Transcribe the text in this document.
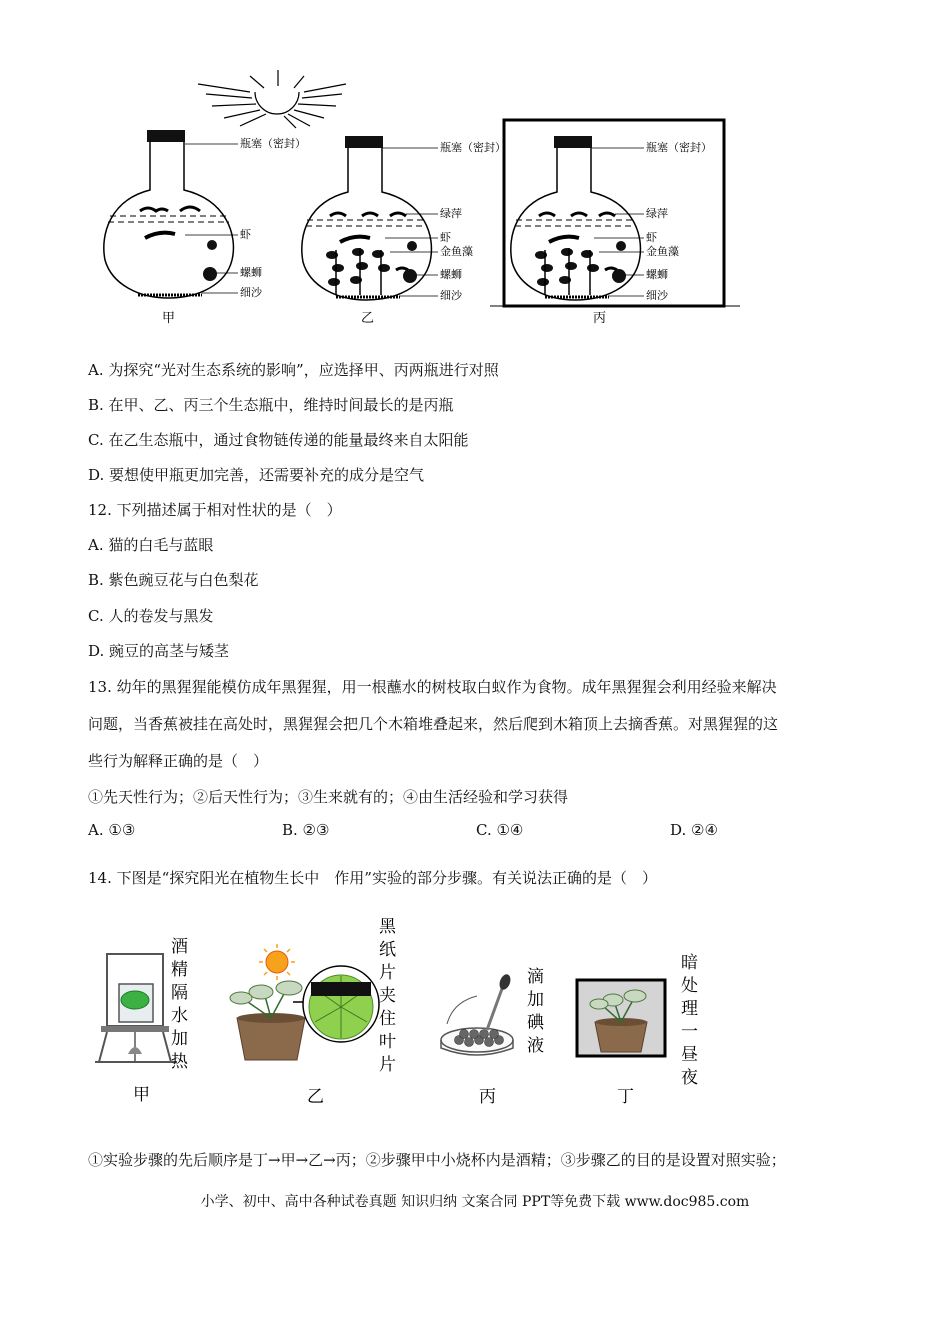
瓶塞（密封）
虾
螺蛳
细沙
甲
瓶塞（密封）
绿萍
虾
金鱼藻
螺蛳
细沙
乙
瓶塞（密封）
绿萍
虾
金鱼藻
螺蛳
细沙
丙
A. 为探究“光对生态系统的影响”，应选择甲、丙两瓶进行对照
B. 在甲、乙、丙三个生态瓶中，维持时间最长的是丙瓶
C. 在乙生态瓶中，通过食物链传递的能量最终来自太阳能
D. 要想使甲瓶更加完善，还需要补充的成分是空气
12. 下列描述属于相对性状的是（　）
A. 猫的白毛与蓝眼
B. 紫色豌豆花与白色梨花
C. 人的卷发与黑发
D. 豌豆的高茎与矮茎
13. 幼年的黑猩猩能模仿成年黑猩猩，用一根蘸水的树枝取白蚁作为食物。成年黑猩猩会利用经验来解决
问题，当香蕉被挂在高处时，黑猩猩会把几个木箱堆叠起来，然后爬到木箱顶上去摘香蕉。对黑猩猩的这
些行为解释正确的是（　）
①先天性行为；②后天性行为；③生来就有的；④由生活经验和学习获得
A. ①③	B. ②③	C. ①④	D. ②④
14. 下图是“探究阳光在植物生长中　作用”实验的部分步骤。有关说法正确的是（　）
酒精隔水加热
甲
黑纸片夹住叶片
乙
滴加碘液
丙
暗处理一昼夜
丁
①实验步骤的先后顺序是丁→甲→乙→丙；②步骤甲中小烧杯内是酒精；③步骤乙的目的是设置对照实验；
小学、初中、高中各种试卷真题 知识归纳 文案合同 PPT等免费下载 www.doc985.com
